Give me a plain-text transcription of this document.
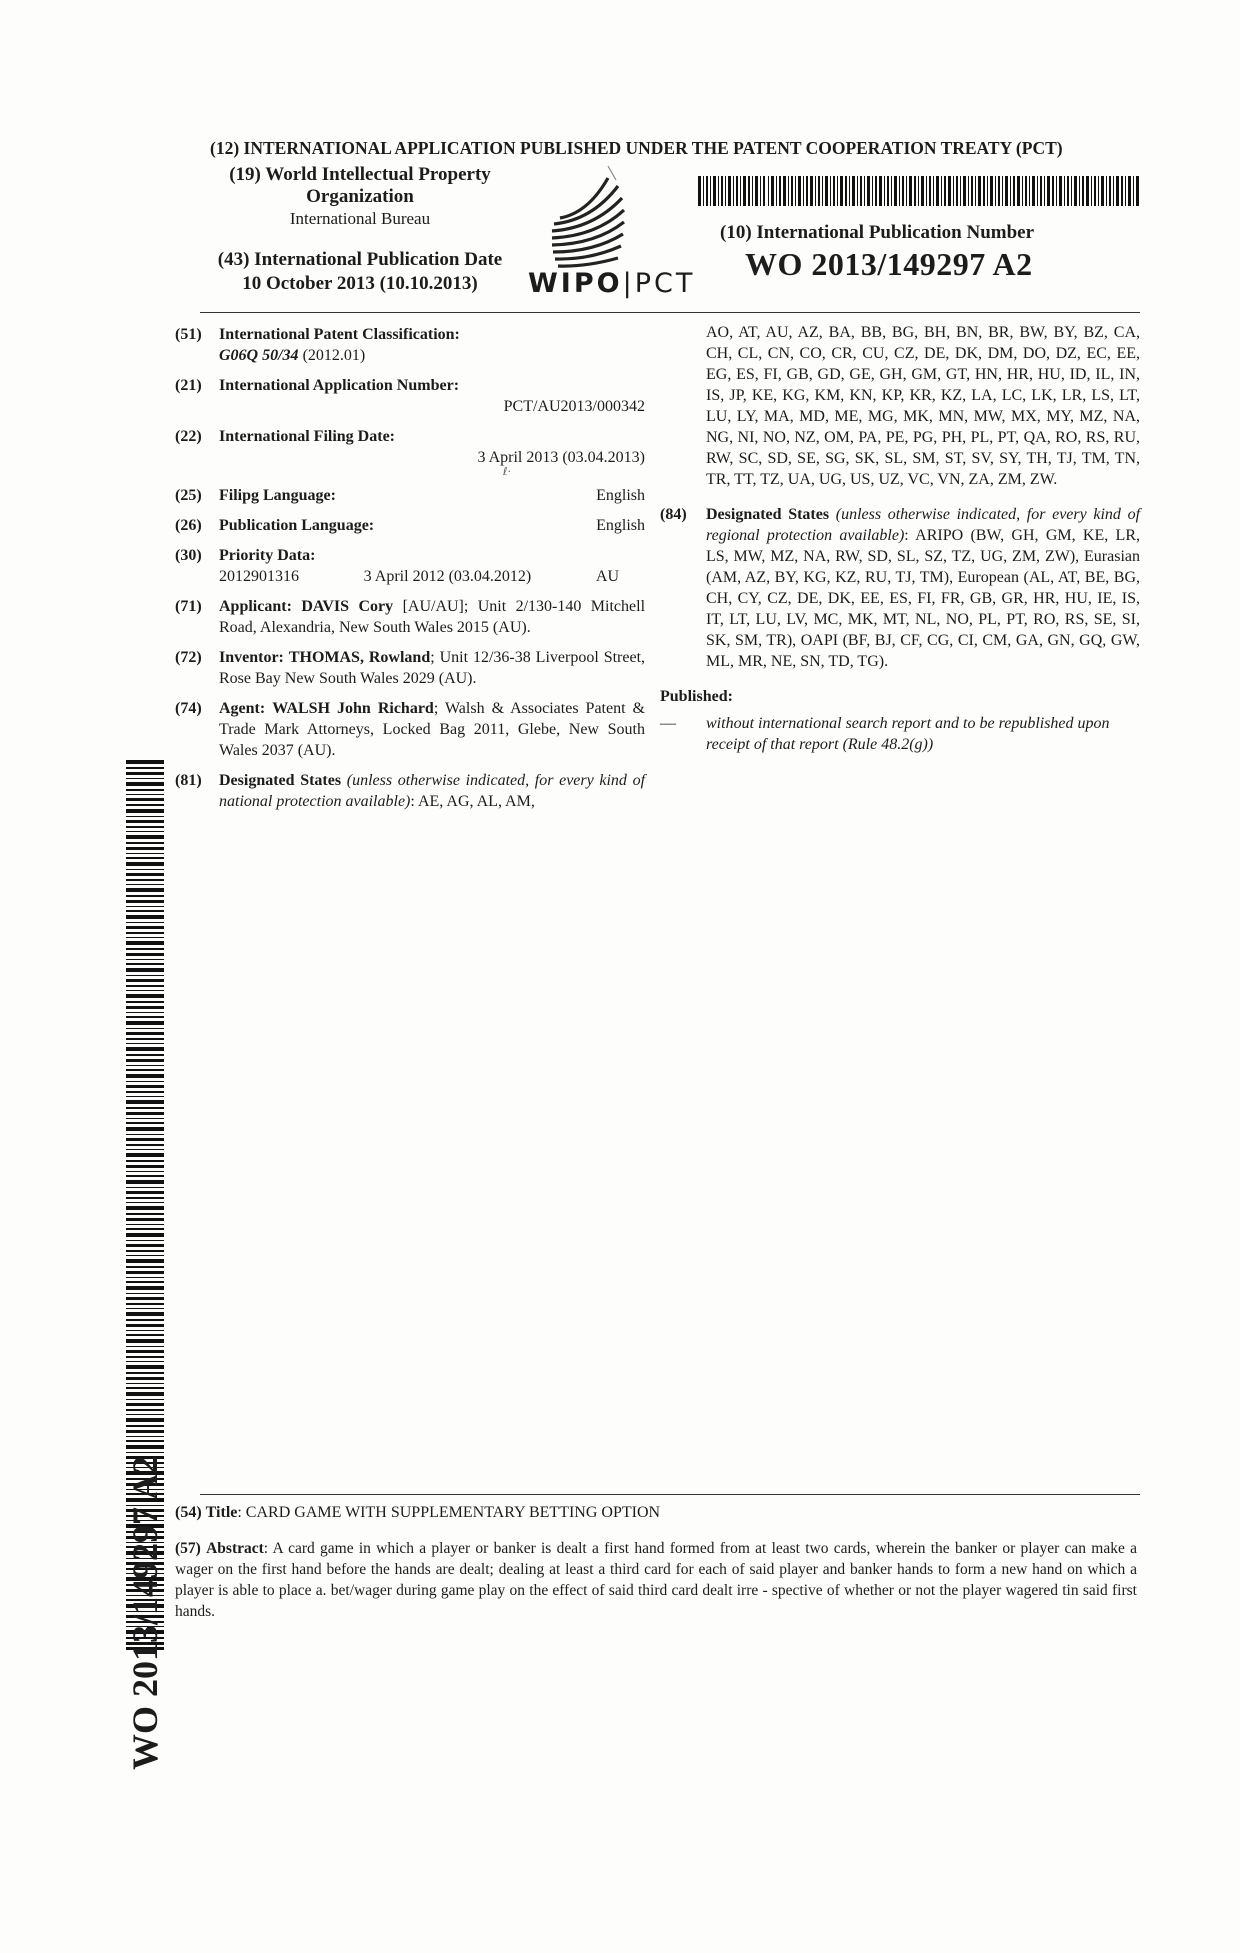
(12) INTERNATIONAL APPLICATION PUBLISHED UNDER THE PATENT COOPERATION TREATY (PCT)
(19) World Intellectual Property
Organization
International Bureau
(43) International Publication Date
10 October 2013 (10.10.2013)	WIPO|PCT
(10) International Publication Number
WO 2013/149297 A2
(51) International Patent Classification:
G06Q 50/34 (2012.01)
(21) International Application Number:
PCT/AU2013/000342
(22) International Filing Date:
3 April 2013 (03.04.2013)
ℓ·
(25) Filipg Language:	English
(26) Publication Language:	English
(30) Priority Data:
2012901316	3 April 2012 (03.04.2012)	AU
(71)	Applicant: DAVIS Cory [AU/AU]; Unit 2/130-140 Mitchell Road, Alexandria, New South Wales 2015 (AU).
(72)	Inventor: THOMAS, Rowland; Unit 12/36-38 Liverpool Street, Rose Bay New South Wales 2029 (AU).
(74)	Agent: WALSH John Richard; Walsh & Associates Patent & Trade Mark Attorneys, Locked Bag 2011, Glebe, New South Wales 2037 (AU).
(81)	Designated States (unless otherwise indicated, for every kind of national protection available): AE, AG, AL, AM,
AO, AT, AU, AZ, BA, BB, BG, BH, BN, BR, BW, BY, BZ, CA, CH, CL, CN, CO, CR, CU, CZ, DE, DK, DM, DO, DZ, EC, EE, EG, ES, FI, GB, GD, GE, GH, GM, GT, HN, HR, HU, ID, IL, IN, IS, JP, KE, KG, KM, KN, KP, KR, KZ, LA, LC, LK, LR, LS, LT, LU, LY, MA, MD, ME, MG, MK, MN, MW, MX, MY, MZ, NA, NG, NI, NO, NZ, OM, PA, PE, PG, PH, PL, PT, QA, RO, RS, RU, RW, SC, SD, SE, SG, SK, SL, SM, ST, SV, SY, TH, TJ, TM, TN, TR, TT, TZ, UA, UG, US, UZ, VC, VN, ZA, ZM, ZW.
(84)	Designated States (unless otherwise indicated, for every kind of regional protection available): ARIPO (BW, GH, GM, KE, LR, LS, MW, MZ, NA, RW, SD, SL, SZ, TZ, UG, ZM, ZW), Eurasian (AM, AZ, BY, KG, KZ, RU, TJ, TM), European (AL, AT, BE, BG, CH, CY, CZ, DE, DK, EE, ES, FI, FR, GB, GR, HR, HU, IE, IS, IT, LT, LU, LV, MC, MK, MT, NL, NO, PL, PT, RO, RS, SE, SI, SK, SM, TR), OAPI (BF, BJ, CF, CG, CI, CM, GA, GN, GQ, GW, ML, MR, NE, SN, TD, TG).
Published:
—	without international search report and to be republished upon receipt of that report (Rule 48.2(g))
WO 2013/149297 A2 (54) Title: CARD GAME WITH SUPPLEMENTARY BETTING OPTION
(57) Abstract: A card game in which a player or banker is dealt a first hand formed from at least two cards, wherein the banker or player can make a wager on the first hand before the hands are dealt; dealing at least a third card for each of said player and banker hands to form a new hand on which a player is able to place a. bet/wager during game play on the effect of said third card dealt irre - spective of whether or not the player wagered tin said first hands.
